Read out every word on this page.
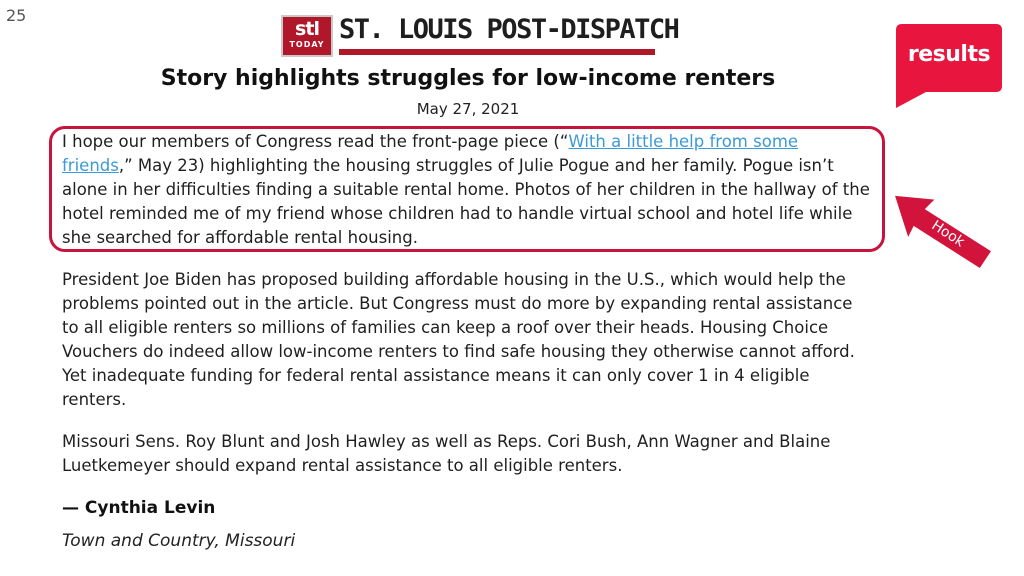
25
stl
TODAY ST. LOUIS POST-DISPATCH
results
Story highlights struggles for low-income renters
May 27, 2021
I hope our members of Congress read the front-page piece (“With a little help from some friends,” May 23) highlighting the housing struggles of Julie Pogue and her family. Pogue isn’t alone in her difficulties finding a suitable rental home. Photos of her children in the hallway of the hotel reminded me of my friend whose children had to handle virtual school and hotel life while she searched for affordable rental housing.	Hook
President Joe Biden has proposed building affordable housing in the U.S., which would help the problems pointed out in the article. But Congress must do more by expanding rental assistance to all eligible renters so millions of families can keep a roof over their heads. Housing Choice Vouchers do indeed allow low-income renters to find safe housing they otherwise cannot afford. Yet inadequate funding for federal rental assistance means it can only cover 1 in 4 eligible renters.
Missouri Sens. Roy Blunt and Josh Hawley as well as Reps. Cori Bush, Ann Wagner and Blaine Luetkemeyer should expand rental assistance to all eligible renters.
— Cynthia Levin
Town and Country, Missouri
